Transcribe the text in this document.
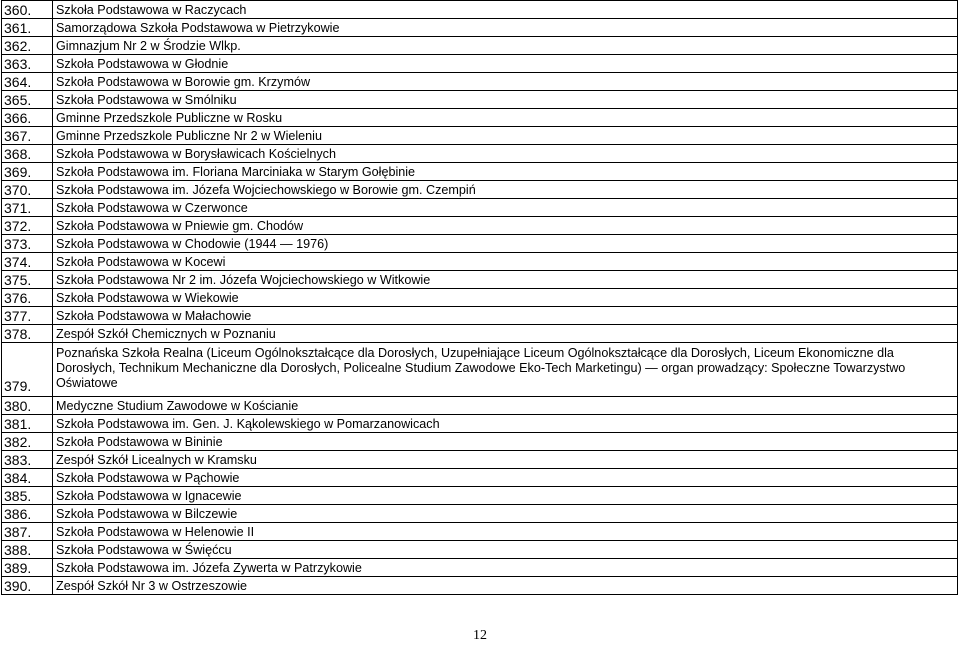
360.	Szkoła Podstawowa w Raczycach
361.	Samorządowa Szkoła Podstawowa w Pietrzykowie
362.	Gimnazjum Nr 2 w Środzie Wlkp.
363.	Szkoła Podstawowa w Głodnie
364.	Szkoła Podstawowa w Borowie gm. Krzymów
365.	Szkoła Podstawowa w Smólniku
366.	Gminne Przedszkole Publiczne w Rosku
367.	Gminne Przedszkole Publiczne Nr 2 w Wieleniu
368.	Szkoła Podstawowa w Borysławicach Kościelnych
369.	Szkoła Podstawowa im. Floriana Marciniaka w Starym Gołębinie
370.	Szkoła Podstawowa im. Józefa Wojciechowskiego w Borowie gm. Czempiń
371.	Szkoła Podstawowa w Czerwonce
372.	Szkoła Podstawowa w Pniewie gm. Chodów
373.	Szkoła Podstawowa w Chodowie (1944 — 1976)
374.	Szkoła Podstawowa w Kocewi
375.	Szkoła Podstawowa Nr 2 im. Józefa Wojciechowskiego w Witkowie
376.	Szkoła Podstawowa w Wiekowie
377.	Szkoła Podstawowa w Małachowie
378.	Zespół Szkół Chemicznych w Poznaniu
379.	Poznańska Szkoła Realna (Liceum Ogólnokształcące dla Dorosłych, Uzupełniające Liceum Ogólnokształcące dla Dorosłych, Liceum Ekonomiczne dla Dorosłych, Technikum Mechaniczne dla Dorosłych, Policealne Studium Zawodowe Eko-Tech Marketingu) — organ prowadzący: Społeczne Towarzystwo Oświatowe
380.	Medyczne Studium Zawodowe w Kościanie
381.	Szkoła Podstawowa im. Gen. J. Kąkolewskiego w Pomarzanowicach
382.	Szkoła Podstawowa w Bininie
383.	Zespół Szkół Licealnych w Kramsku
384.	Szkoła Podstawowa w Pąchowie
385.	Szkoła Podstawowa w Ignacewie
386.	Szkoła Podstawowa w Bilczewie
387.	Szkoła Podstawowa w Helenowie II
388.	Szkoła Podstawowa w Święćcu
389.	Szkoła Podstawowa im. Józefa Zywerta w Patrzykowie
390.	Zespół Szkół Nr 3 w Ostrzeszowie
12
